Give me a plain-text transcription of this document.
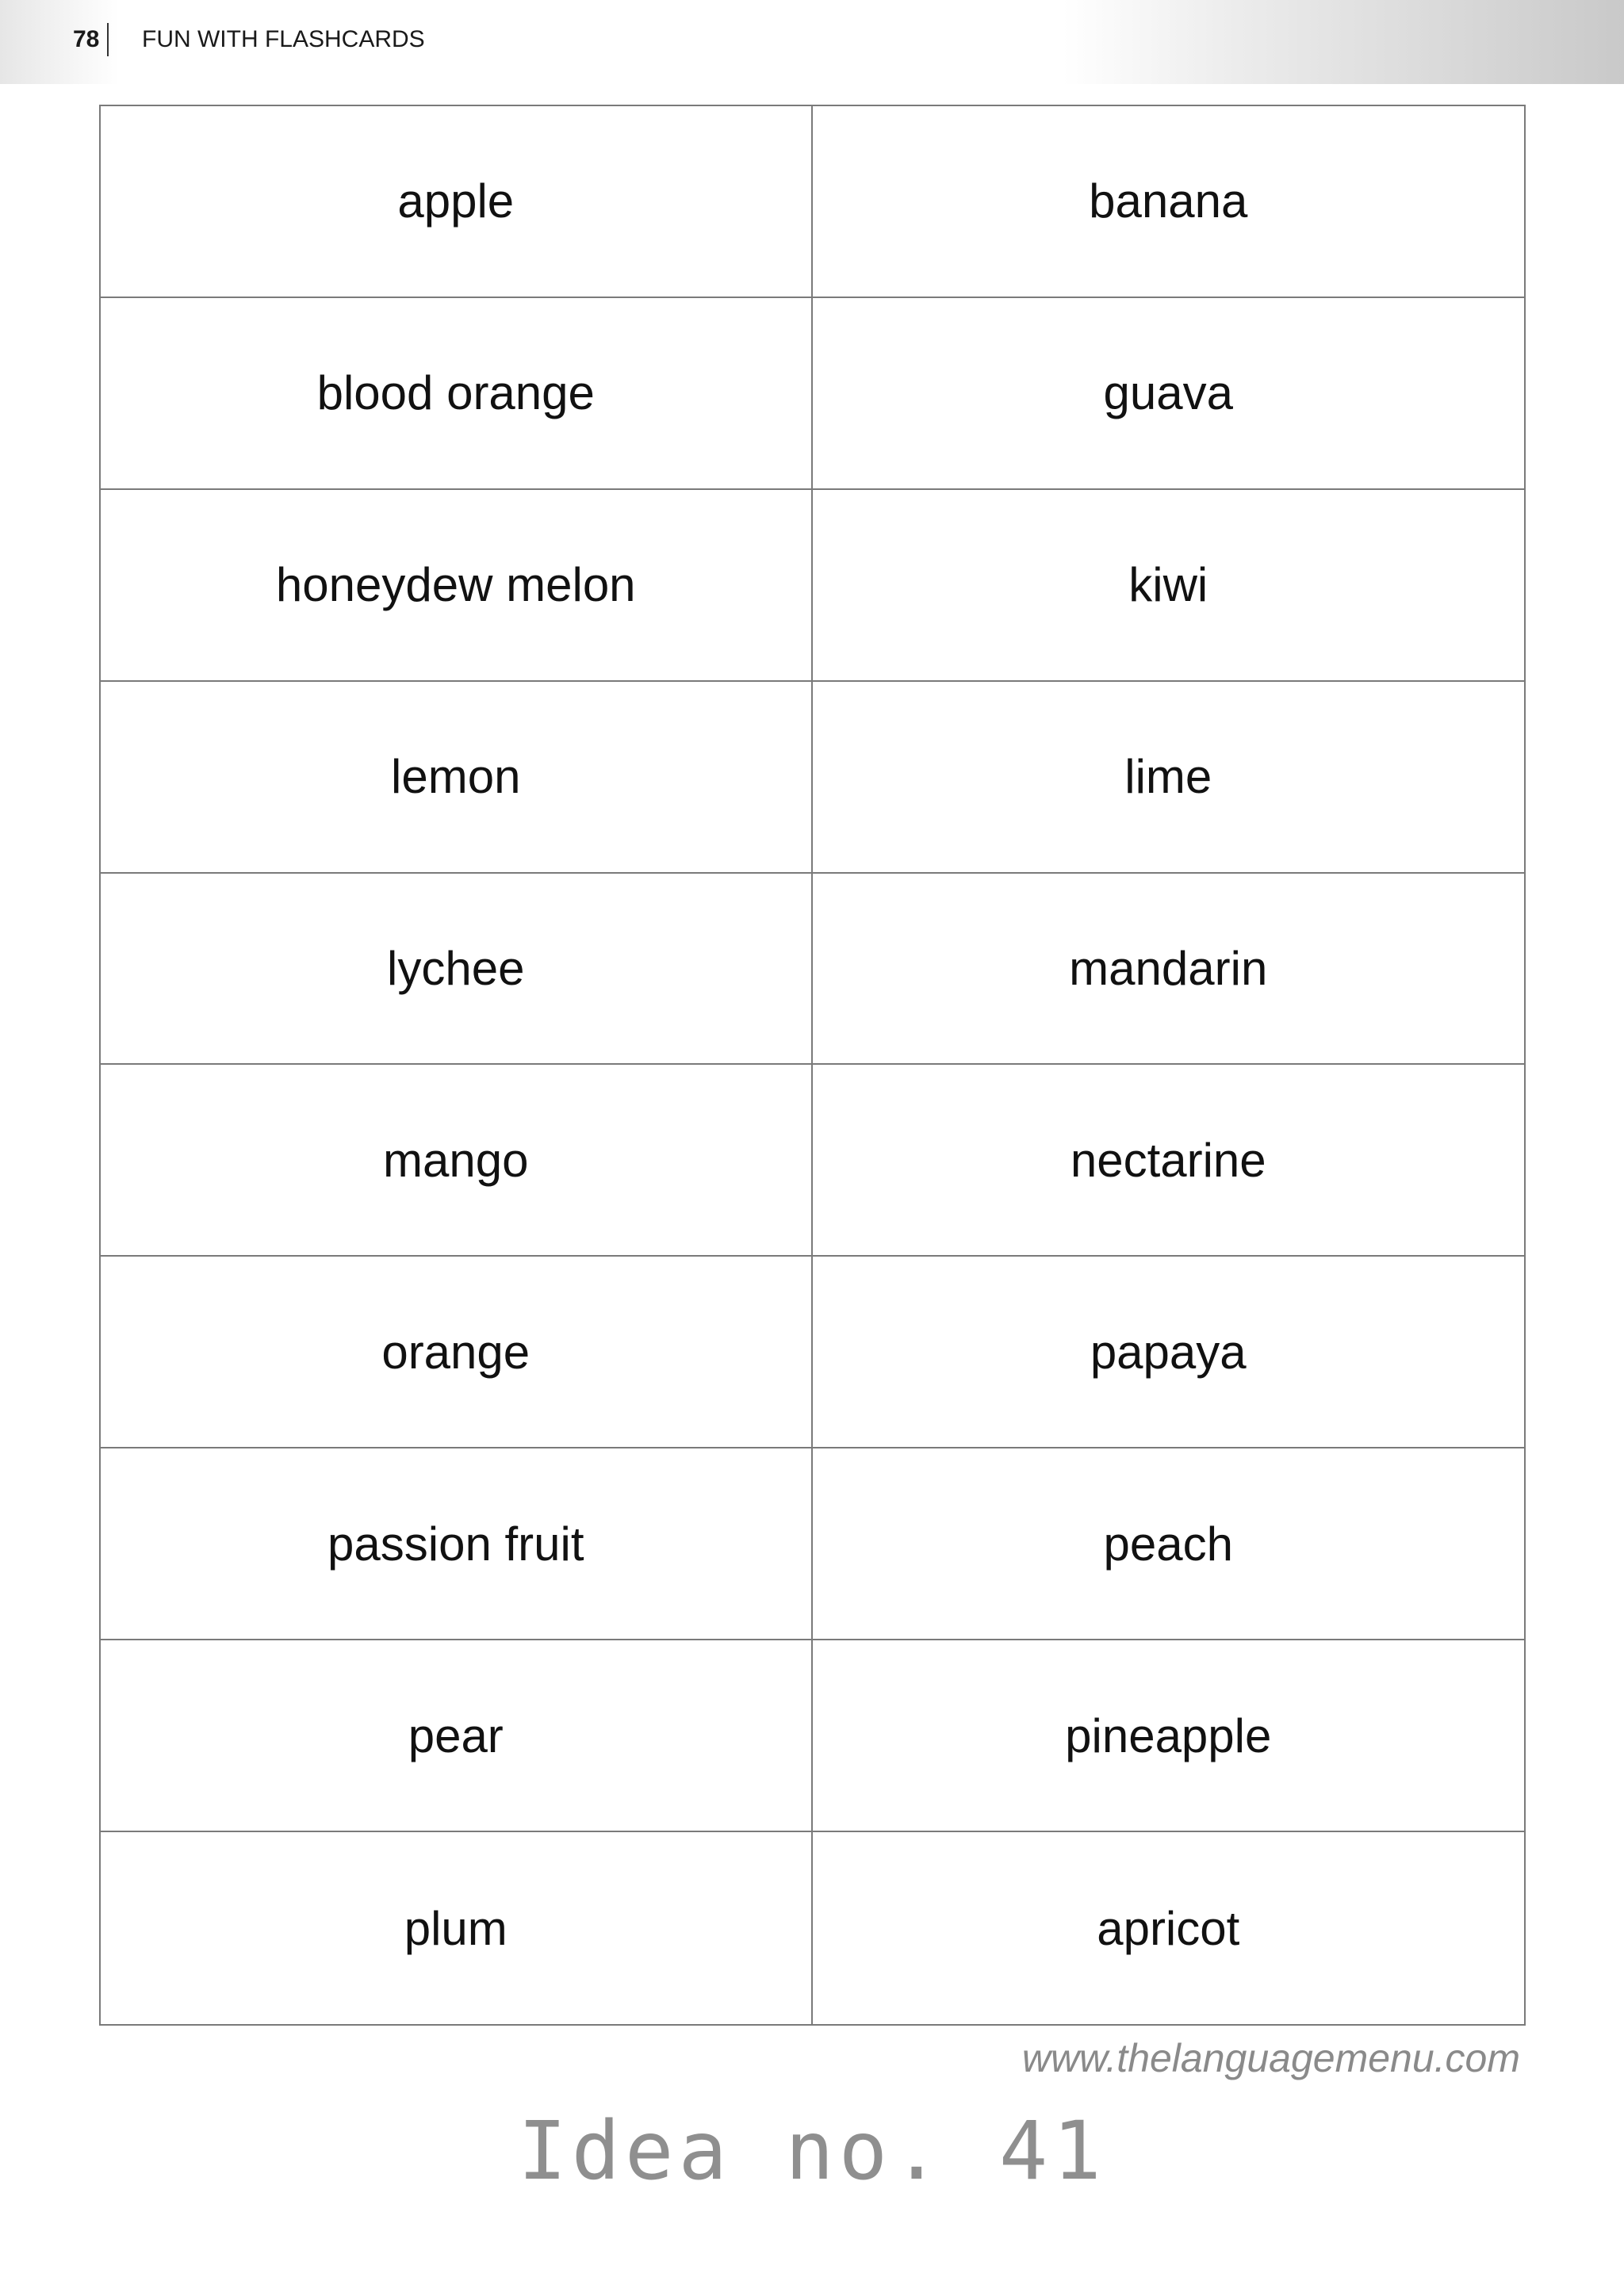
78 FUN WITH FLASHCARDS
apple	banana
blood orange	guava
honeydew melon	kiwi
lemon	lime
lychee	mandarin
mango	nectarine
orange	papaya
passion fruit	peach
pear	pineapple
plum	apricot
www.thelanguagemenu.com
Idea no. 41
